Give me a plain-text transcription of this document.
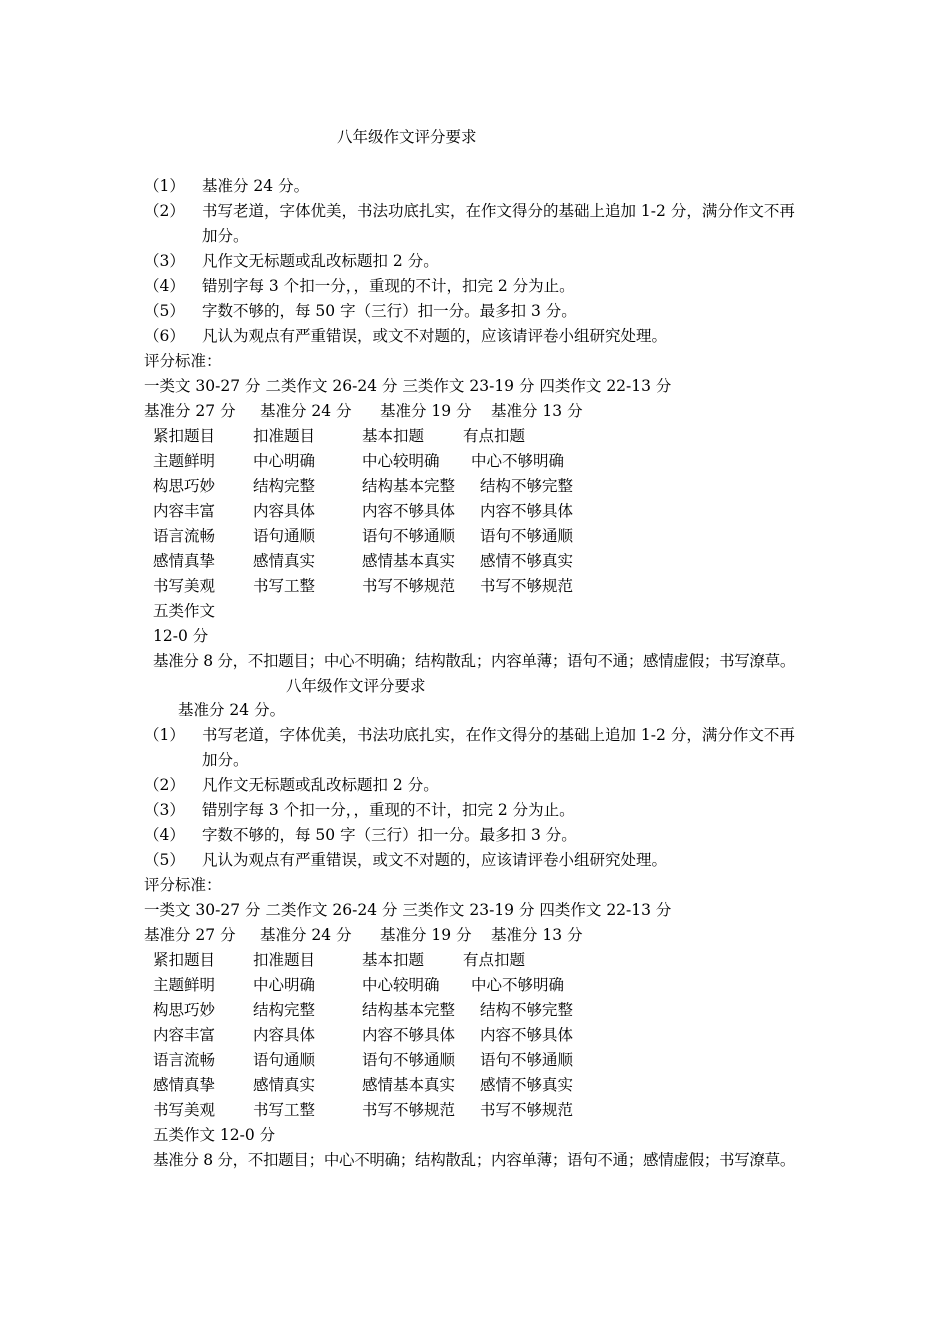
八年级作文评分要求
（1） 基准分 24 分。
（2） 书写老道，字体优美，书法功底扎实，在作文得分的基础上追加 1-2 分，满分作文不再
加分。
（3） 凡作文无标题或乱改标题扣 2 分。
（4） 错别字每 3 个扣一分，，重现的不计，扣完 2 分为止。
（5） 字数不够的，每 50 字（三行）扣一分。最多扣 3 分。
（6） 凡认为观点有严重错误，或文不对题的，应该请评卷小组研究处理。
评分标准：
一类文 30-27 分 二类作文 26-24 分 三类作文 23-19 分 四类作文 22-13 分
基准分 27 分 基准分 24 分 基准分 19 分 基准分 13 分
紧扣题目 扣准题目	基本扣题	有点扣题
主题鲜明 中心明确	中心较明确 中心不够明确
构思巧妙 结构完整	结构基本完整 结构不够完整
内容丰富 内容具体	内容不够具体 内容不够具体
语言流畅 语句通顺	语句不够通顺 语句不够通顺
感情真挚 感情真实	感情基本真实 感情不够真实
书写美观 书写工整	书写不够规范 书写不够规范
五类作文
12-0 分
基准分 8 分，不扣题目；中心不明确；结构散乱；内容单薄；语句不通；感情虚假；书写潦草。
八年级作文评分要求
基准分 24 分。
（1） 书写老道，字体优美，书法功底扎实，在作文得分的基础上追加 1-2 分，满分作文不再
加分。
（2） 凡作文无标题或乱改标题扣 2 分。
（3） 错别字每 3 个扣一分，，重现的不计，扣完 2 分为止。
（4） 字数不够的，每 50 字（三行）扣一分。最多扣 3 分。
（5） 凡认为观点有严重错误，或文不对题的，应该请评卷小组研究处理。
评分标准：
一类文 30-27 分 二类作文 26-24 分 三类作文 23-19 分 四类作文 22-13 分
基准分 27 分 基准分 24 分 基准分 19 分 基准分 13 分
紧扣题目 扣准题目	基本扣题	有点扣题
主题鲜明 中心明确	中心较明确 中心不够明确
构思巧妙 结构完整	结构基本完整 结构不够完整
内容丰富 内容具体	内容不够具体 内容不够具体
语言流畅 语句通顺	语句不够通顺 语句不够通顺
感情真挚 感情真实	感情基本真实 感情不够真实
书写美观 书写工整	书写不够规范 书写不够规范
五类作文 12-0 分
基准分 8 分，不扣题目；中心不明确；结构散乱；内容单薄；语句不通；感情虚假；书写潦草。
